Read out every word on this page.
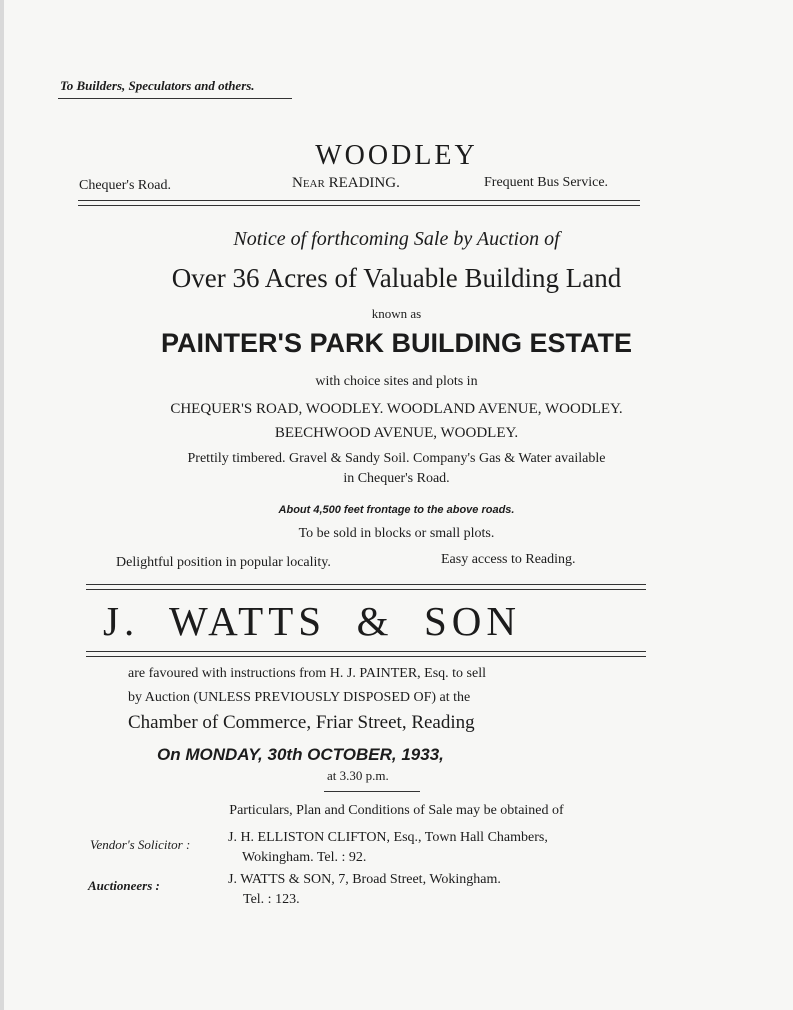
To Builders, Speculators and others.
WOODLEY
Chequer's Road.	Near READING.	Frequent Bus Service.
Notice of forthcoming Sale by Auction of
Over 36 Acres of Valuable Building Land
known as
PAINTER'S PARK BUILDING ESTATE
with choice sites and plots in
CHEQUER'S ROAD, WOODLEY. WOODLAND AVENUE, WOODLEY.
BEECHWOOD AVENUE, WOODLEY.
Prettily timbered. Gravel & Sandy Soil. Company's Gas & Water available
in Chequer's Road.
About 4,500 feet frontage to the above roads.
To be sold in blocks or small plots.
Delightful position in popular locality.	Easy access to Reading.
J.  WATTS  &  SON
are favoured with instructions from H. J. PAINTER, Esq. to sell
by Auction (UNLESS PREVIOUSLY DISPOSED OF) at the
Chamber of Commerce, Friar Street, Reading
On MONDAY, 30th OCTOBER, 1933,
at 3.30 p.m.
Particulars, Plan and Conditions of Sale may be obtained of
Vendor's Solicitor :	J. H. ELLISTON CLIFTON, Esq., Town Hall Chambers,
Wokingham. Tel. : 92.
Auctioneers :	J. WATTS & SON, 7, Broad Street, Wokingham.
Tel. : 123.
